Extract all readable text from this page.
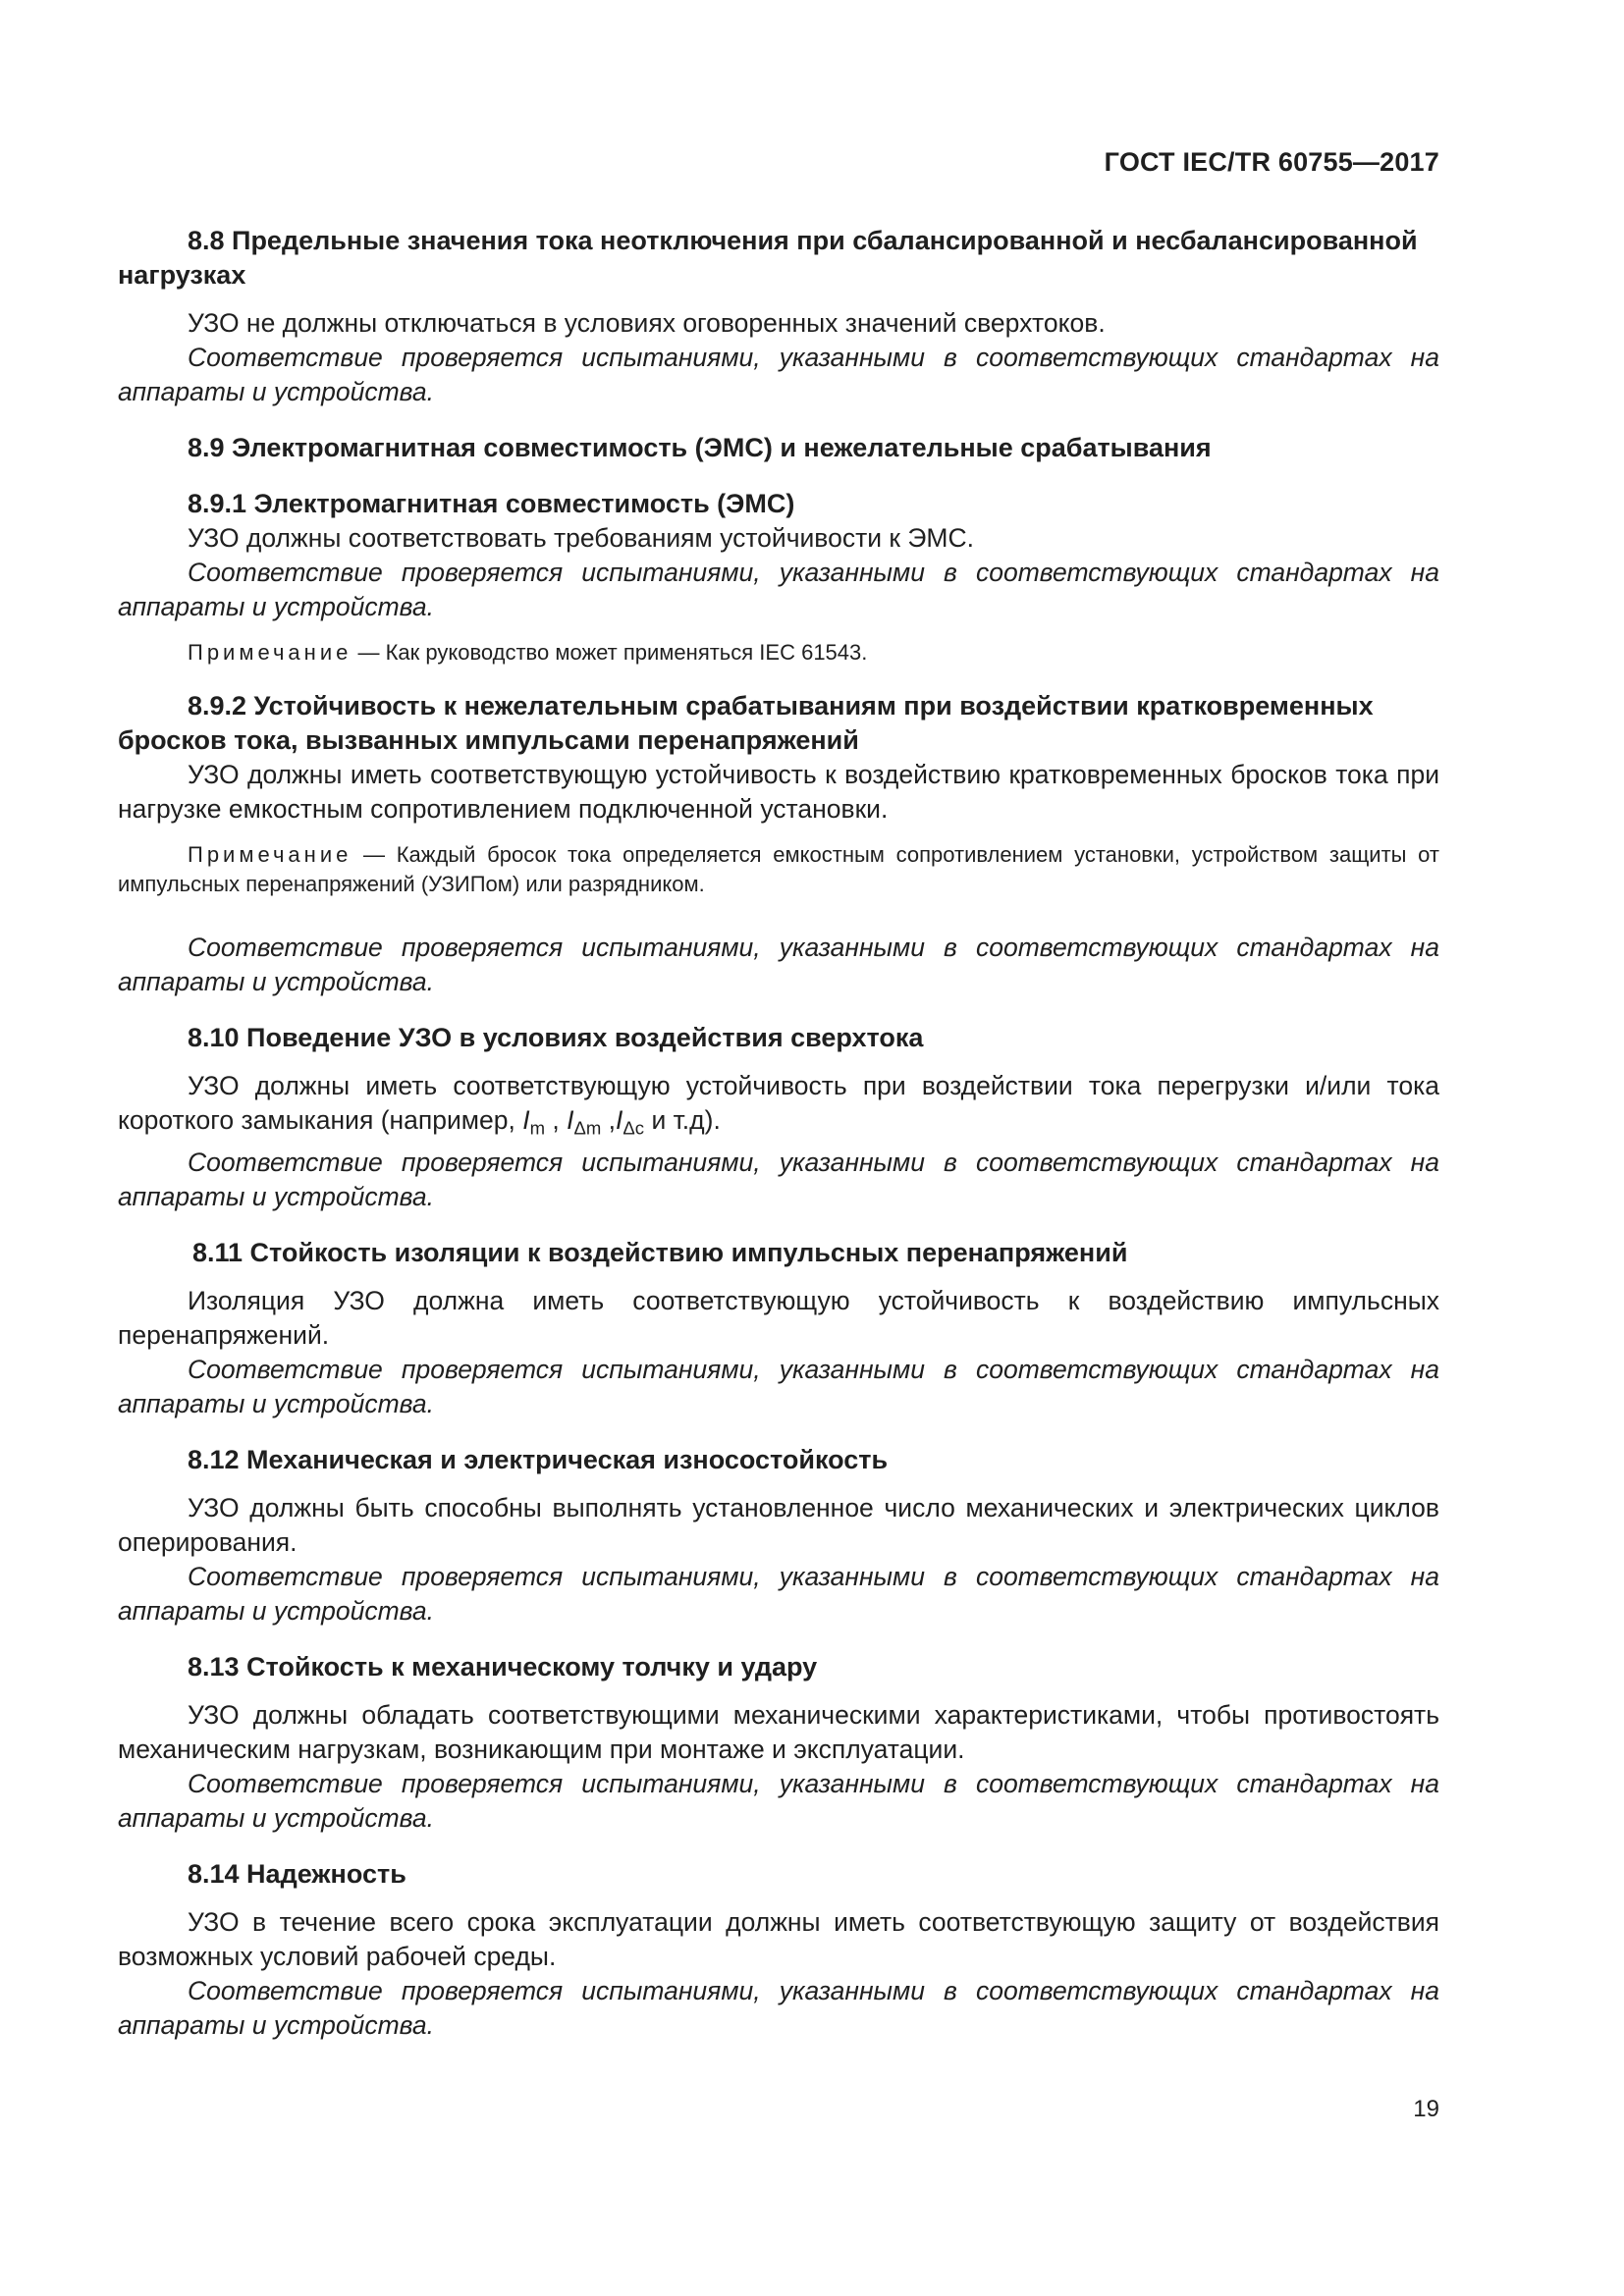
ГОСТ IEC/TR 60755—2017
8.8 Предельные значения тока неотключения при сбалансированной и несбалансированной нагрузках
УЗО не должны отключаться в условиях оговоренных значений сверхтоков.
Соответствие проверяется испытаниями, указанными в соответствующих стандартах на аппараты и устройства.
8.9 Электромагнитная совместимость (ЭМС) и нежелательные срабатывания
8.9.1 Электромагнитная совместимость (ЭМС)
УЗО должны соответствовать требованиям устойчивости к ЭМС.
Соответствие проверяется испытаниями, указанными в соответствующих стандартах на аппараты и устройства.
Примечание — Как руководство может применяться IEC 61543.
8.9.2 Устойчивость к нежелательным срабатываниям при воздействии кратковременных бросков тока, вызванных импульсами перенапряжений
УЗО должны иметь соответствующую устойчивость к воздействию кратковременных бросков тока при нагрузке емкостным сопротивлением подключенной установки.
Примечание — Каждый бросок тока определяется емкостным сопротивлением установки, устройством защиты от импульсных перенапряжений (УЗИПом) или разрядником.
Соответствие проверяется испытаниями, указанными в соответствующих стандартах на аппараты и устройства.
8.10 Поведение УЗО в условиях воздействия сверхтока
УЗО должны иметь соответствующую устойчивость при воздействии тока перегрузки и/или тока короткого замыкания (например, $I_m$ , $I_{\Delta m}$ $,I_{\Delta c}$ и т.д).
Соответствие проверяется испытаниями, указанными в соответствующих стандартах на аппараты и устройства.
8.11 Стойкость изоляции к воздействию импульсных перенапряжений
Изоляция УЗО должна иметь соответствующую устойчивость к воздействию импульсных перенапряжений.
Соответствие проверяется испытаниями, указанными в соответствующих стандартах на аппараты и устройства.
8.12 Механическая и электрическая износостойкость
УЗО должны быть способны выполнять установленное число механических и электрических циклов оперирования.
Соответствие проверяется испытаниями, указанными в соответствующих стандартах на аппараты и устройства.
8.13 Стойкость к механическому толчку и удару
УЗО должны обладать соответствующими механическими характеристиками, чтобы противостоять механическим нагрузкам, возникающим при монтаже и эксплуатации.
Соответствие проверяется испытаниями, указанными в соответствующих стандартах на аппараты и устройства.
8.14 Надежность
УЗО в течение всего срока эксплуатации должны иметь соответствующую защиту от воздействия возможных условий рабочей среды.
Соответствие проверяется испытаниями, указанными в соответствующих стандартах на аппараты и устройства.
19
